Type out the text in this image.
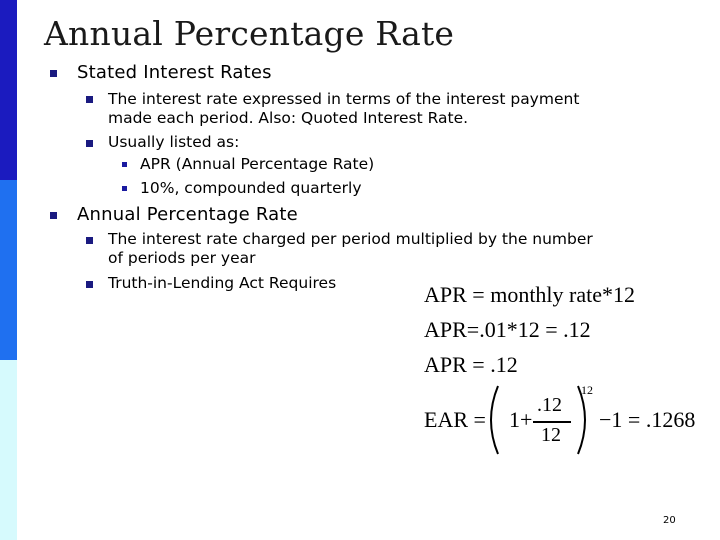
Annual Percentage Rate
Stated Interest Rates
The interest rate expressed in terms of the interest payment
made each period. Also: Quoted Interest Rate.
Usually listed as:
APR (Annual Percentage Rate)
10%, compounded quarterly
Annual Percentage Rate
The interest rate charged per period multiplied by the number
of periods per year
Truth-in-Lending Act Requires	APR = monthly rate*12
APR=.01*12 = .12
APR = .12
EAR = 1+
.12
12
12
−1 = .1268
20
